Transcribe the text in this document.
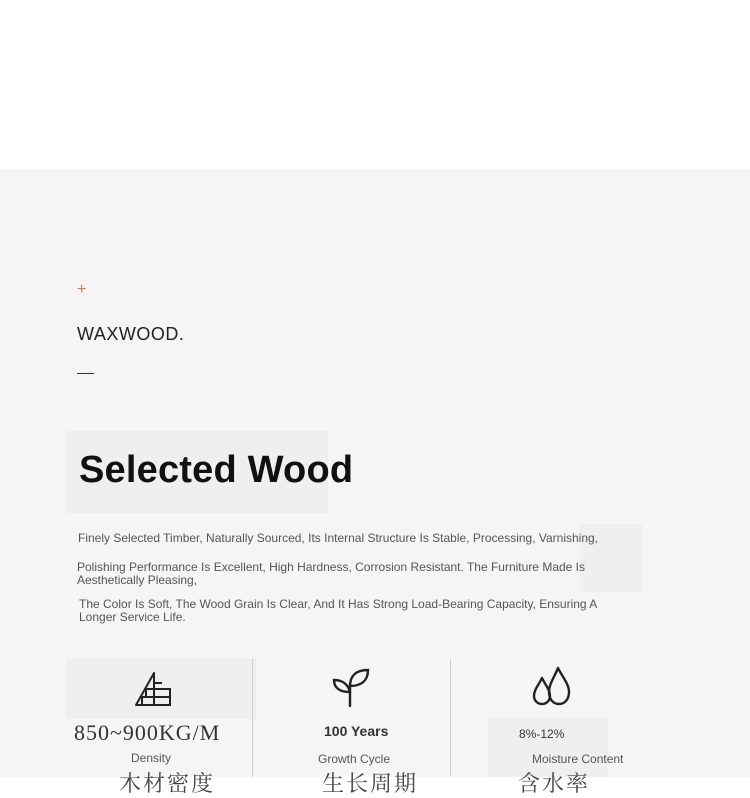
+
WAXWOOD.
Selected Wood
Finely Selected Timber, Naturally Sourced, Its Internal Structure Is Stable, Processing, Varnishing,
Polishing Performance Is Excellent, High Hardness, Corrosion Resistant. The Furniture Made Is Aesthetically Pleasing,
The Color Is Soft, The Wood Grain Is Clear, And It Has Strong Load-Bearing Capacity, Ensuring A Longer Service Life.
850~900KG/M
Density
木材密度
100 Years
Growth Cycle
生长周期
8%-12%
Moisture Content
含水率
